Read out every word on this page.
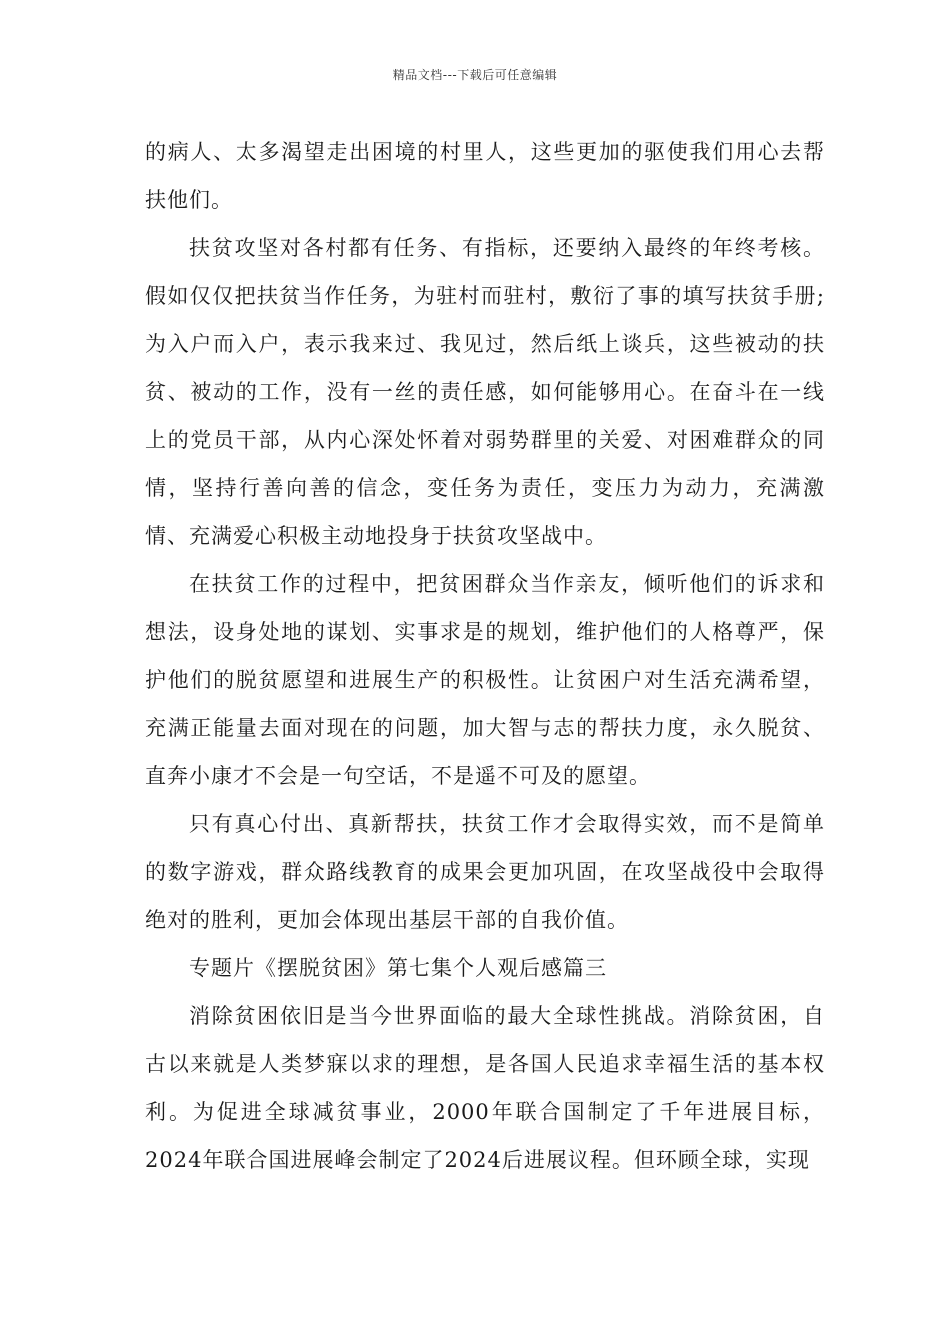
精品文档---下载后可任意编辑

的病人、太多渴望走出困境的村里人，这些更加的驱使我们用心去帮扶他们。

扶贫攻坚对各村都有任务、有指标，还要纳入最终的年终考核。假如仅仅把扶贫当作任务，为驻村而驻村，敷衍了事的填写扶贫手册;为入户而入户，表示我来过、我见过，然后纸上谈兵，这些被动的扶贫、被动的工作，没有一丝的责任感，如何能够用心。在奋斗在一线上的党员干部，从内心深处怀着对弱势群里的关爱、对困难群众的同情，坚持行善向善的信念，变任务为责任，变压力为动力，充满激情、充满爱心积极主动地投身于扶贫攻坚战中。

在扶贫工作的过程中，把贫困群众当作亲友，倾听他们的诉求和想法，设身处地的谋划、实事求是的规划，维护他们的人格尊严，保护他们的脱贫愿望和进展生产的积极性。让贫困户对生活充满希望，充满正能量去面对现在的问题，加大智与志的帮扶力度，永久脱贫、直奔小康才不会是一句空话，不是遥不可及的愿望。

只有真心付出、真新帮扶，扶贫工作才会取得实效，而不是简单的数字游戏，群众路线教育的成果会更加巩固，在攻坚战役中会取得绝对的胜利，更加会体现出基层干部的自我价值。

专题片《摆脱贫困》第七集个人观后感篇三

消除贫困依旧是当今世界面临的最大全球性挑战。消除贫困，自古以来就是人类梦寐以求的理想，是各国人民追求幸福生活的基本权利。为促进全球减贫事业，2000年联合国制定了千年进展目标，2024年联合国进展峰会制定了2024后进展议程。但环顾全球，实现
